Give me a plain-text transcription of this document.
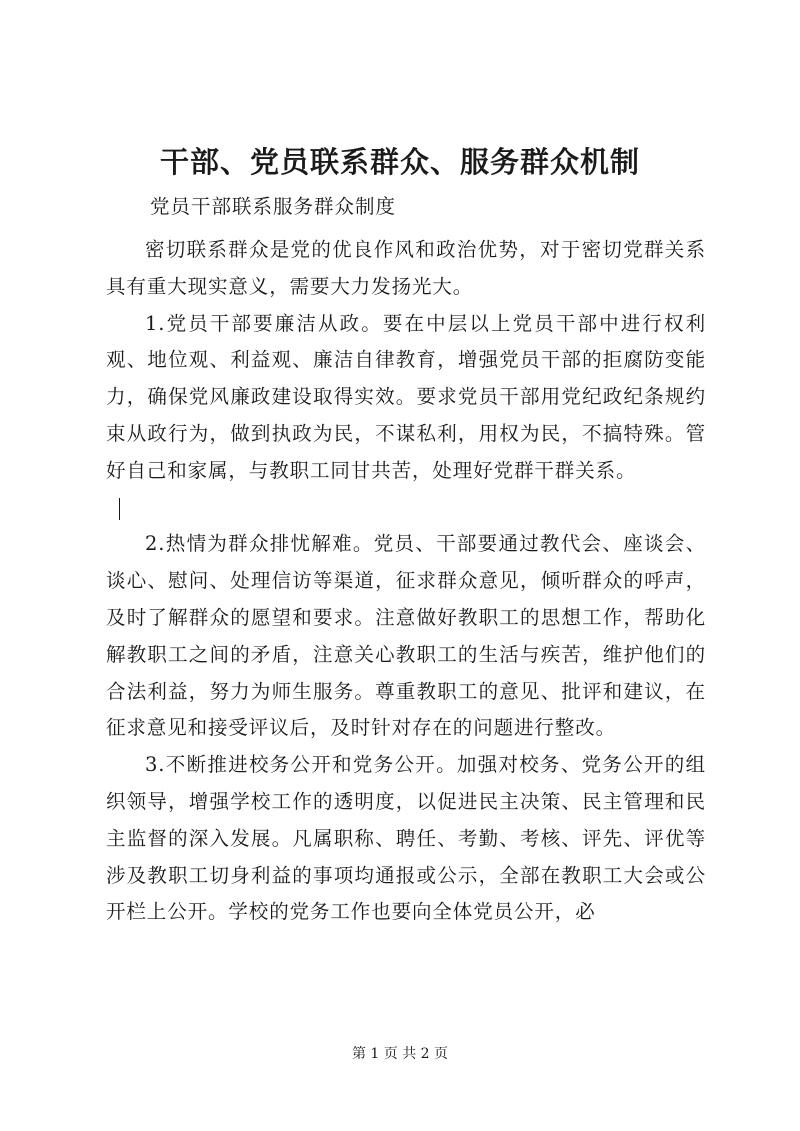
干部、党员联系群众、服务群众机制

党员干部联系服务群众制度

密切联系群众是党的优良作风和政治优势，对于密切党群关系具有重大现实意义，需要大力发扬光大。

1.党员干部要廉洁从政。要在中层以上党员干部中进行权利观、地位观、利益观、廉洁自律教育，增强党员干部的拒腐防变能力，确保党风廉政建设取得实效。要求党员干部用党纪政纪条规约束从政行为，做到执政为民，不谋私利，用权为民，不搞特殊。管好自己和家属，与教职工同甘共苦，处理好党群干群关系。

2.热情为群众排忧解难。党员、干部要通过教代会、座谈会、谈心、慰问、处理信访等渠道，征求群众意见，倾听群众的呼声，及时了解群众的愿望和要求。注意做好教职工的思想工作，帮助化解教职工之间的矛盾，注意关心教职工的生活与疾苦，维护他们的合法利益，努力为师生服务。尊重教职工的意见、批评和建议，在征求意见和接受评议后，及时针对存在的问题进行整改。

3.不断推进校务公开和党务公开。加强对校务、党务公开的组织领导，增强学校工作的透明度，以促进民主决策、民主管理和民主监督的深入发展。凡属职称、聘任、考勤、考核、评先、评优等涉及教职工切身利益的事项均通报或公示，全部在教职工大会或公开栏上公开。学校的党务工作也要向全体党员公开，必

第 1 页 共 2 页
